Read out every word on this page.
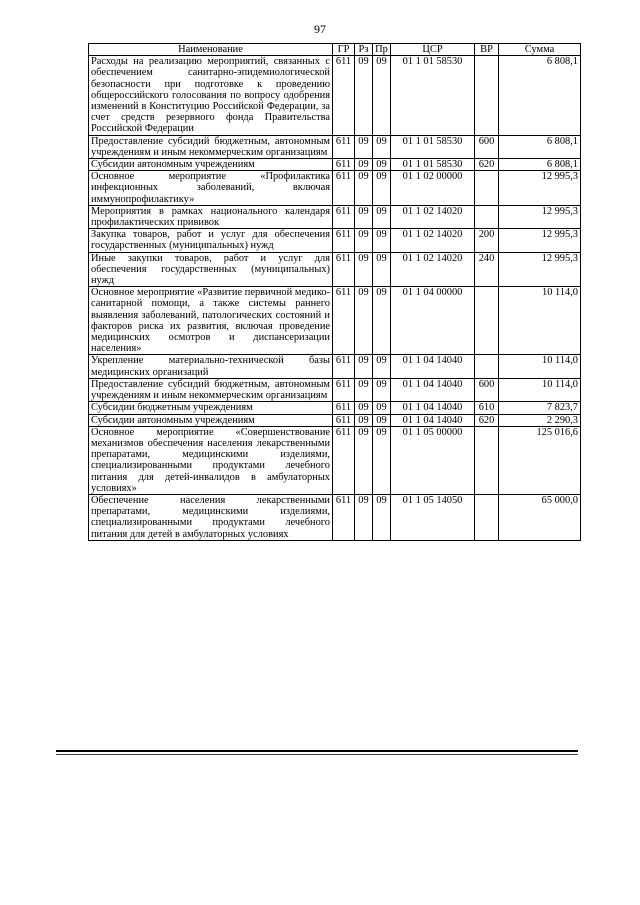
97
Наименование	ГР	Рз	Пр	ЦСР	ВР	Сумма
Расходы на реализацию мероприятий, связанных с обеспечением санитарно-эпидемиологической безопасности при подготовке к проведению общероссийского голосования по вопросу одобрения изменений в Конституцию Российской Федерации, за счет средств резервного фонда Правительства Российской Федерации	611	09	09	01 1 01 58530		6 808,1
Предоставление субсидий бюджетным, автономным учреждениям и иным некоммерческим организациям	611	09	09	01 1 01 58530	600	6 808,1
Субсидии автономным учреждениям	611	09	09	01 1 01 58530	620	6 808,1
Основное мероприятие «Профилактика инфекционных заболеваний, включая иммунопрофилактику»	611	09	09	01 1 02 00000		12 995,3
Мероприятия в рамках национального календаря профилактических прививок	611	09	09	01 1 02 14020		12 995,3
Закупка товаров, работ и услуг для обеспечения государственных (муниципальных) нужд	611	09	09	01 1 02 14020	200	12 995,3
Иные закупки товаров, работ и услуг для обеспечения государственных (муниципальных) нужд	611	09	09	01 1 02 14020	240	12 995,3
Основное мероприятие «Развитие первичной медико-санитарной помощи, а также системы раннего выявления заболеваний, патологических состояний и факторов риска их развития, включая проведение медицинских осмотров и диспансеризации населения»	611	09	09	01 1 04 00000		10 114,0
Укрепление материально-технической базы медицинских организаций	611	09	09	01 1 04 14040		10 114,0
Предоставление субсидий бюджетным, автономным учреждениям и иным некоммерческим организациям	611	09	09	01 1 04 14040	600	10 114,0
Субсидии бюджетным учреждениям	611	09	09	01 1 04 14040	610	7 823,7
Субсидии автономным учреждениям	611	09	09	01 1 04 14040	620	2 290,3
Основное мероприятие «Совершенствование механизмов обеспечения населения лекарственными препаратами, медицинскими изделиями, специализированными продуктами лечебного питания для детей-инвалидов в амбулаторных условиях»	611	09	09	01 1 05 00000		125 016,6
Обеспечение населения лекарственными препаратами, медицинскими изделиями, специализированными продуктами лечебного питания для детей в амбулаторных условиях	611	09	09	01 1 05 14050		65 000,0
